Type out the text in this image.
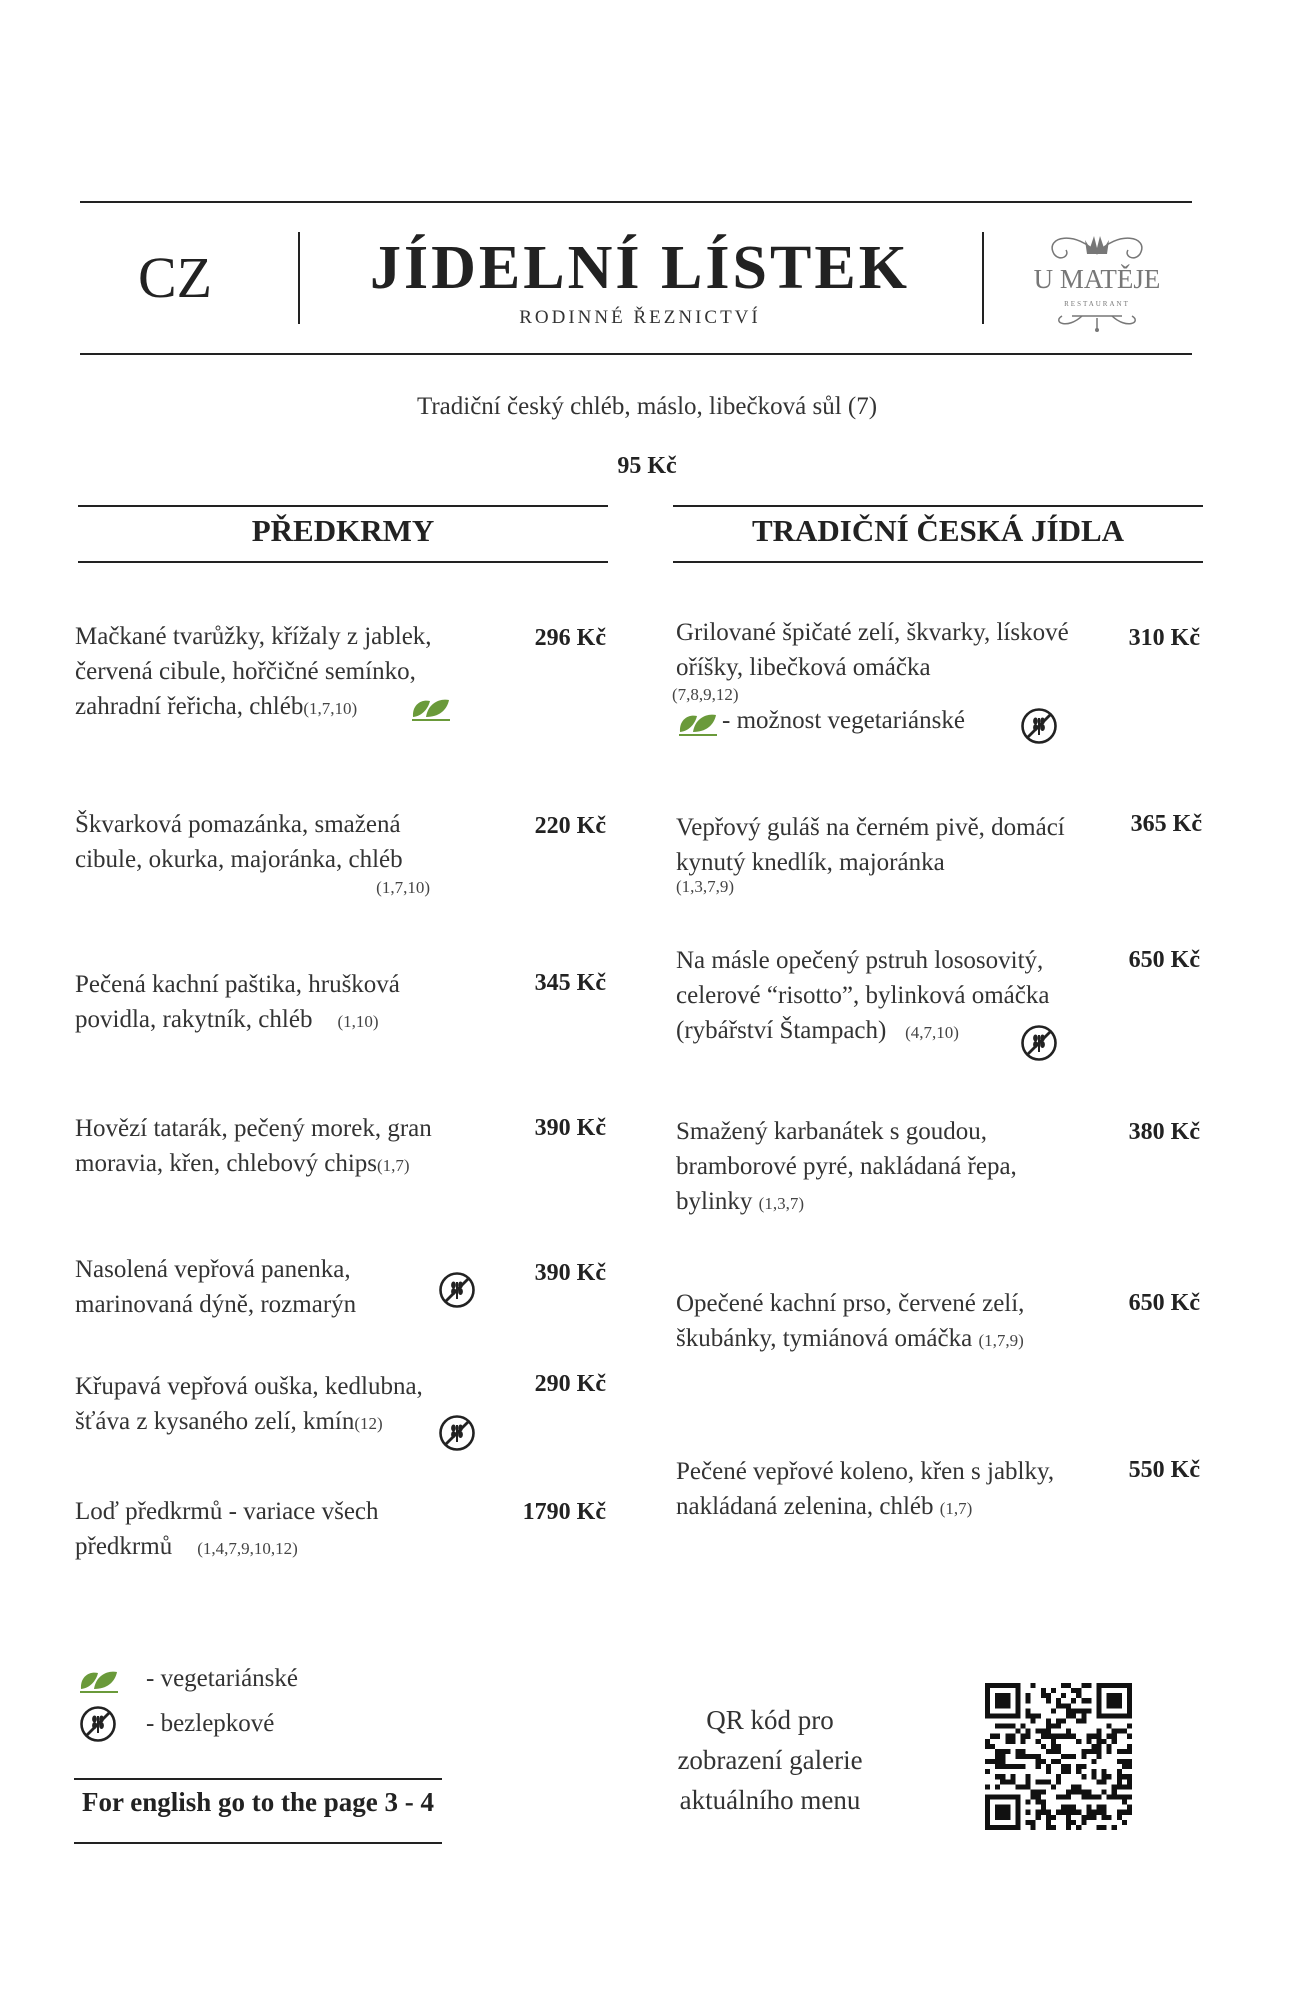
CZ	JÍDELNÍ LÍSTEK
RODINNÉ ŘEZNICTVÍ
U MATĚJE
RESTAURANT
Tradiční český chléb, máslo, libečková sůl (7)
95 Kč
PŘEDKRMY	TRADIČNÍ ČESKÁ JÍDLA
Mačkané tvarůžky, křížaly z jablek, červená cibule, hořčičné semínko, zahradní řeřicha, chléb(1,7,10)
296 Kč
Škvarková pomazánka, smažená cibule, okurka, majoránka, chléb
(1,7,10)
220 Kč
Pečená kachní paštika, hrušková povidla, rakytník, chléb (1,10)
345 Kč
Hovězí tatarák, pečený morek, gran moravia, křen, chlebový chips(1,7)
390 Kč
Nasolená vepřová panenka, marinovaná dýně, rozmarýn
390 Kč
Křupavá vepřová ouška, kedlubna, šťáva z kysaného zelí, kmín(12)
290 Kč
Loď předkrmů - variace všech předkrmů (1,4,7,9,10,12)
1790 Kč
Grilované špičaté zelí, škvarky, lískové oříšky, libečková omáčka
(7,8,9,12)
- možnost vegetariánské
310 Kč
Vepřový guláš na černém pivě, domácí kynutý knedlík, majoránka
(1,3,7,9)
365 Kč
Na másle opečený pstruh lososovitý, celerové “risotto”, bylinková omáčka (rybářství Štampach) (4,7,10)
650 Kč
Smažený karbanátek s goudou, bramborové pyré, nakládaná řepa, bylinky (1,3,7)
380 Kč
Opečené kachní prso, červené zelí, škubánky, tymiánová omáčka (1,7,9)
650 Kč
Pečené vepřové koleno, křen s jablky, nakládaná zelenina, chléb (1,7)
550 Kč
- vegetariánské
- bezlepkové
For english go to the page 3 - 4
QR kód pro zobrazení galerie aktuálního menu
